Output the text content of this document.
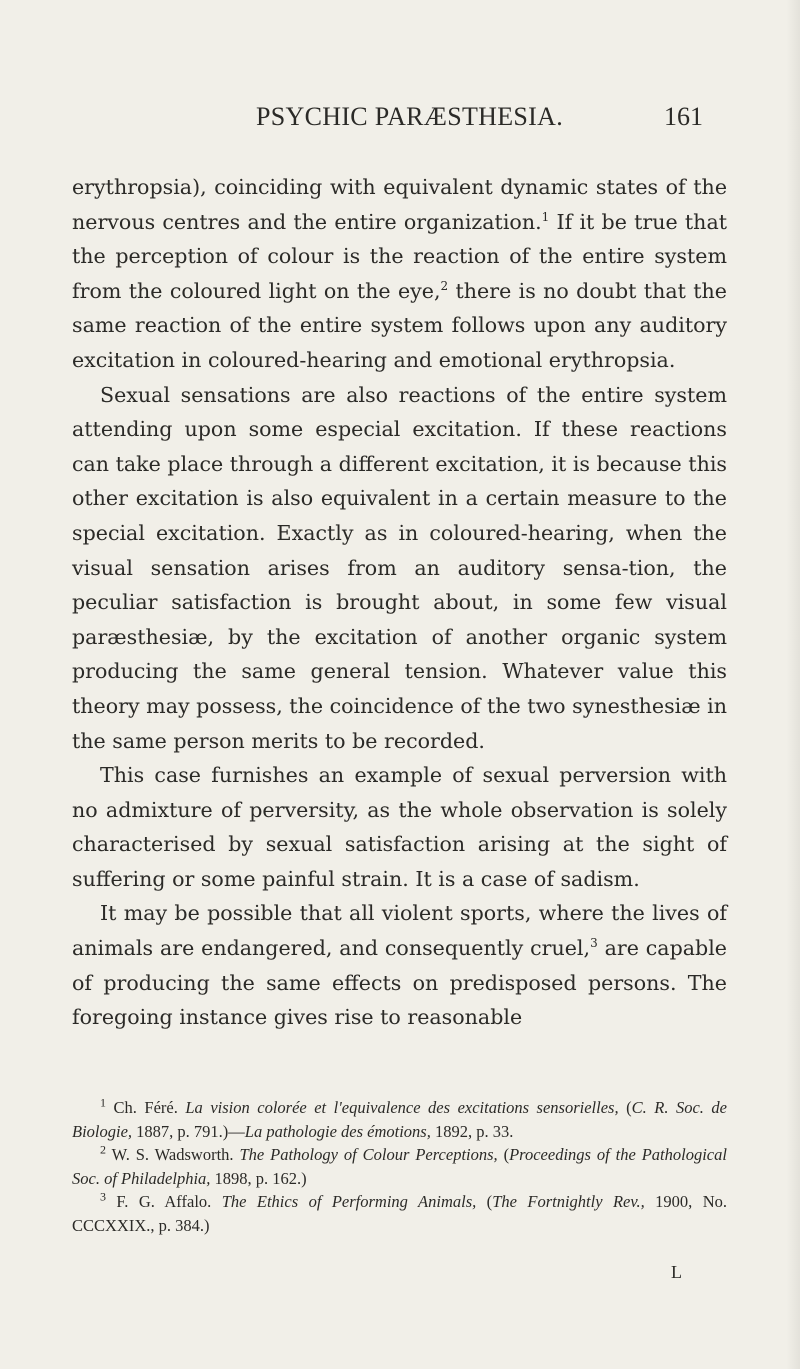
PSYCHIC PARÆSTHESIA.	161

erythropsia), coinciding with equivalent dynamic states of the nervous centres and the entire organization.$^1$ If it be true that the perception of colour is the reaction of the entire system from the coloured light on the eye,$^2$ there is no doubt that the same reaction of the entire system follows upon any auditory excitation in coloured-hearing and emotional erythropsia.

Sexual sensations are also reactions of the entire system attending upon some especial excitation. If these reactions can take place through a different excitation, it is because this other excitation is also equivalent in a certain measure to the special excitation. Exactly as in coloured-hearing, when the visual sensation arises from an auditory sensa-tion, the peculiar satisfaction is brought about, in some few visual paræsthesiæ, by the excitation of another organic system producing the same general tension. Whatever value this theory may possess, the coincidence of the two synesthesiæ in the same person merits to be recorded.

This case furnishes an example of sexual perversion with no admixture of perversity, as the whole observation is solely characterised by sexual satisfaction arising at the sight of suffering or some painful strain. It is a case of sadism.

It may be possible that all violent sports, where the lives of animals are endangered, and consequently cruel,$^3$ are capable of producing the same effects on predisposed persons. The foregoing instance gives rise to reasonable

$^1$ Ch. Féré. La vision colorée et l'equivalence des excitations sensorielles, (C. R. Soc. de Biologie, 1887, p. 791.)—La pathologie des émotions, 1892, p. 33.

$^2$ W. S. Wadsworth. The Pathology of Colour Perceptions, (Proceedings of the Pathological Soc. of Philadelphia, 1898, p. 162.)

$^3$ F. G. Affalo. The Ethics of Performing Animals, (The Fortnightly Rev., 1900, No. CCCXXIX., p. 384.)

L
